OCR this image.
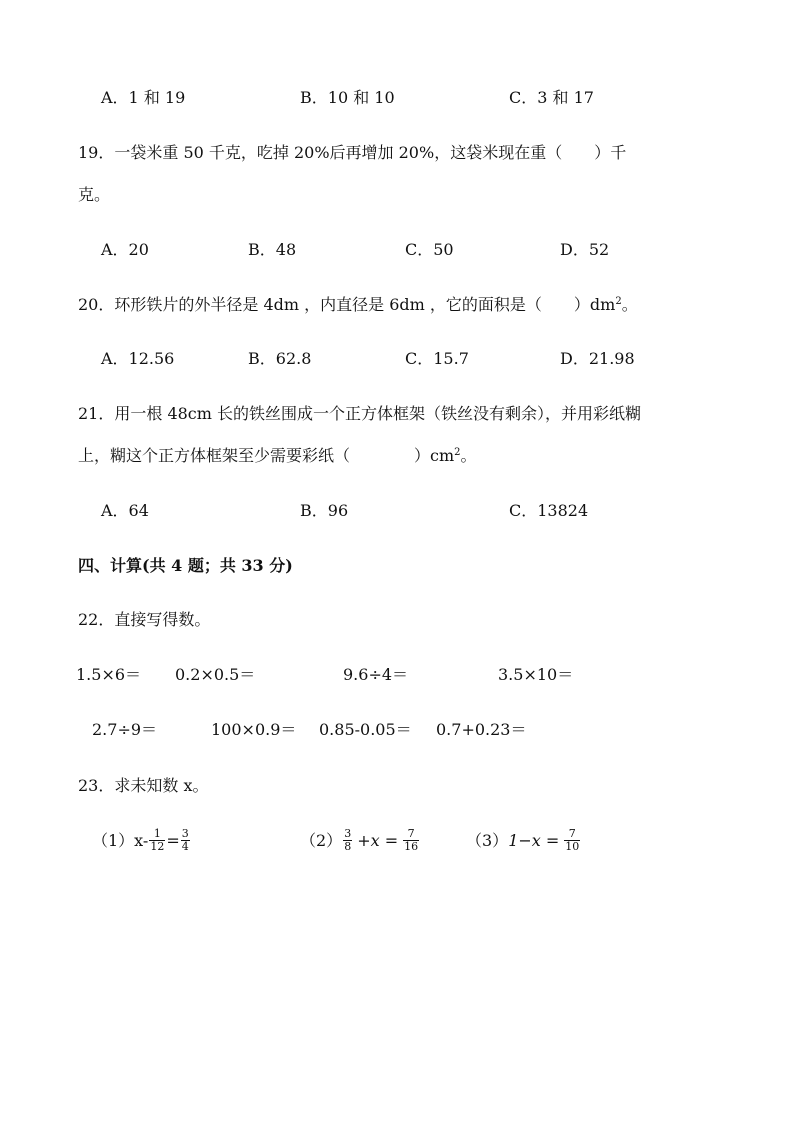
A．1 和 19	B．10 和 10	C．3 和 17
19．一袋米重 50 千克，吃掉 20%后再增加 20%，这袋米现在重（　　）千
克。
A．20	B．48	C．50	D．52
20．环形铁片的外半径是 4dm ，内直径是 6dm ，它的面积是（　　）$dm^2$。
A．12.56	B．62.8	C．15.7	D．21.98
21．用一根 48cm 长的铁丝围成一个正方体框架（铁丝没有剩余），并用彩纸糊
上，糊这个正方体框架至少需要彩纸（　　　　）$cm^2$。
A．64	B．96	C．13824
四、计算(共 4 题；共 33 分)
22．直接写得数。
1.5×6＝ 0.2×0.5＝	9.6÷4＝	3.5×10＝
2.7÷9＝	100×0.9＝ 0.85-0.05＝ 0.7+0.23＝
23．求未知数 x。
$(1)x- \frac{1}{12} = \frac{3}{4}$	$(2) \frac{3}{8} +x = \frac{7}{16}$	$(3)1-x = \frac{7}{10}$
